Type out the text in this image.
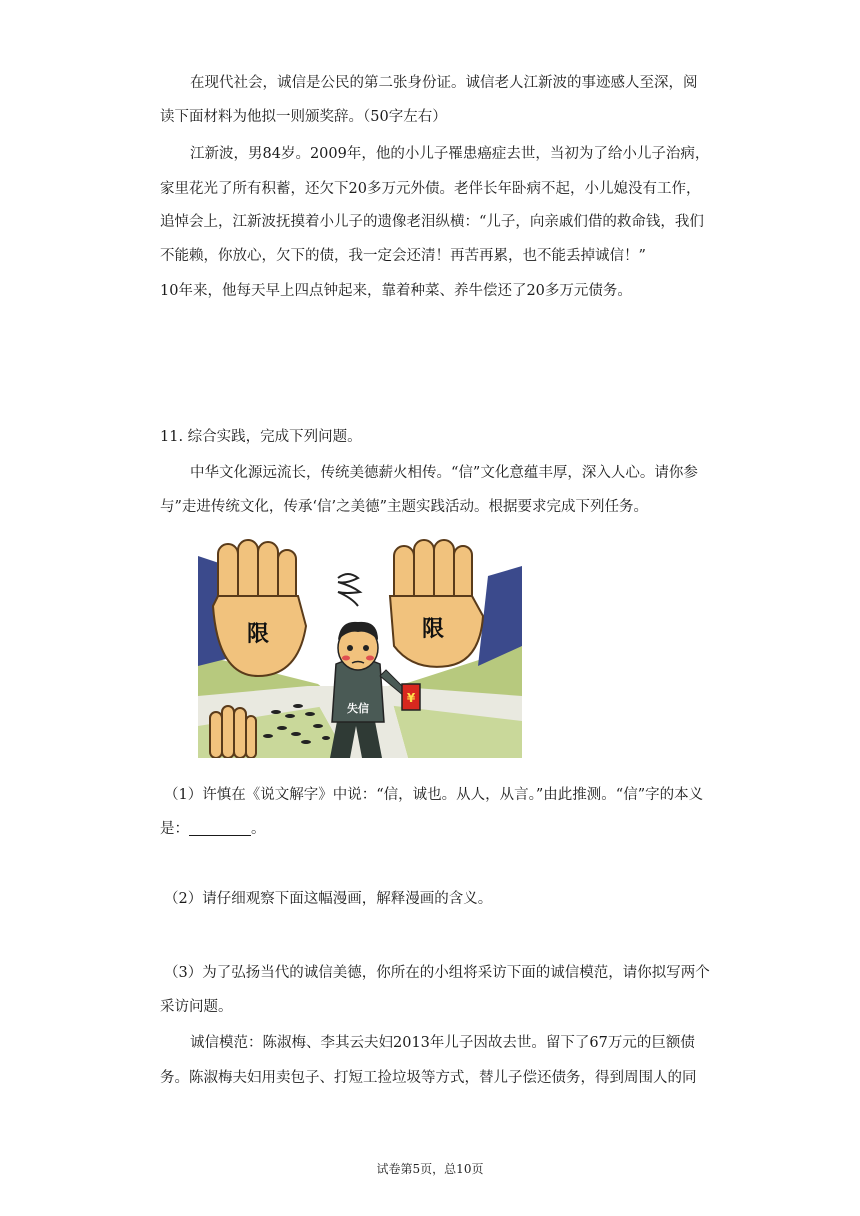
在现代社会，诚信是公民的第二张身份证。诚信老人江新波的事迹感人至深，阅
读下面材料为他拟一则颁奖辞。（50字左右）
江新波，男84岁。2009年，他的小儿子罹患癌症去世，当初为了给小儿子治病，
家里花光了所有积蓄，还欠下20多万元外债。老伴长年卧病不起，小儿媳没有工作，
追悼会上，江新波抚摸着小儿子的遗像老泪纵横：“儿子，向亲戚们借的救命钱，我们
不能赖，你放心，欠下的债，我一定会还清！再苦再累，也不能丢掉诚信！”
10年来，他每天早上四点钟起来，靠着种菜、养牛偿还了20多万元债务。
11. 综合实践，完成下列问题。
中华文化源远流长，传统美德薪火相传。“信”文化意蕴丰厚，深入人心。请你参
与”走进传统文化，传承‘信’之美德”主题实践活动。根据要求完成下列任务。
限	限
失信
¥
（1）许慎在《说文解字》中说：“信，诚也。从人，从言。”由此推测。“信”字的本义
是：	。
（2）请仔细观察下面这幅漫画，解释漫画的含义。
（3）为了弘扬当代的诚信美德，你所在的小组将采访下面的诚信模范，请你拟写两个
采访问题。
诚信模范：陈淑梅、李其云夫妇2013年儿子因故去世。留下了67万元的巨额债
务。陈淑梅夫妇用卖包子、打短工捡垃圾等方式，替儿子偿还债务，得到周围人的同
试卷第5页，总10页
